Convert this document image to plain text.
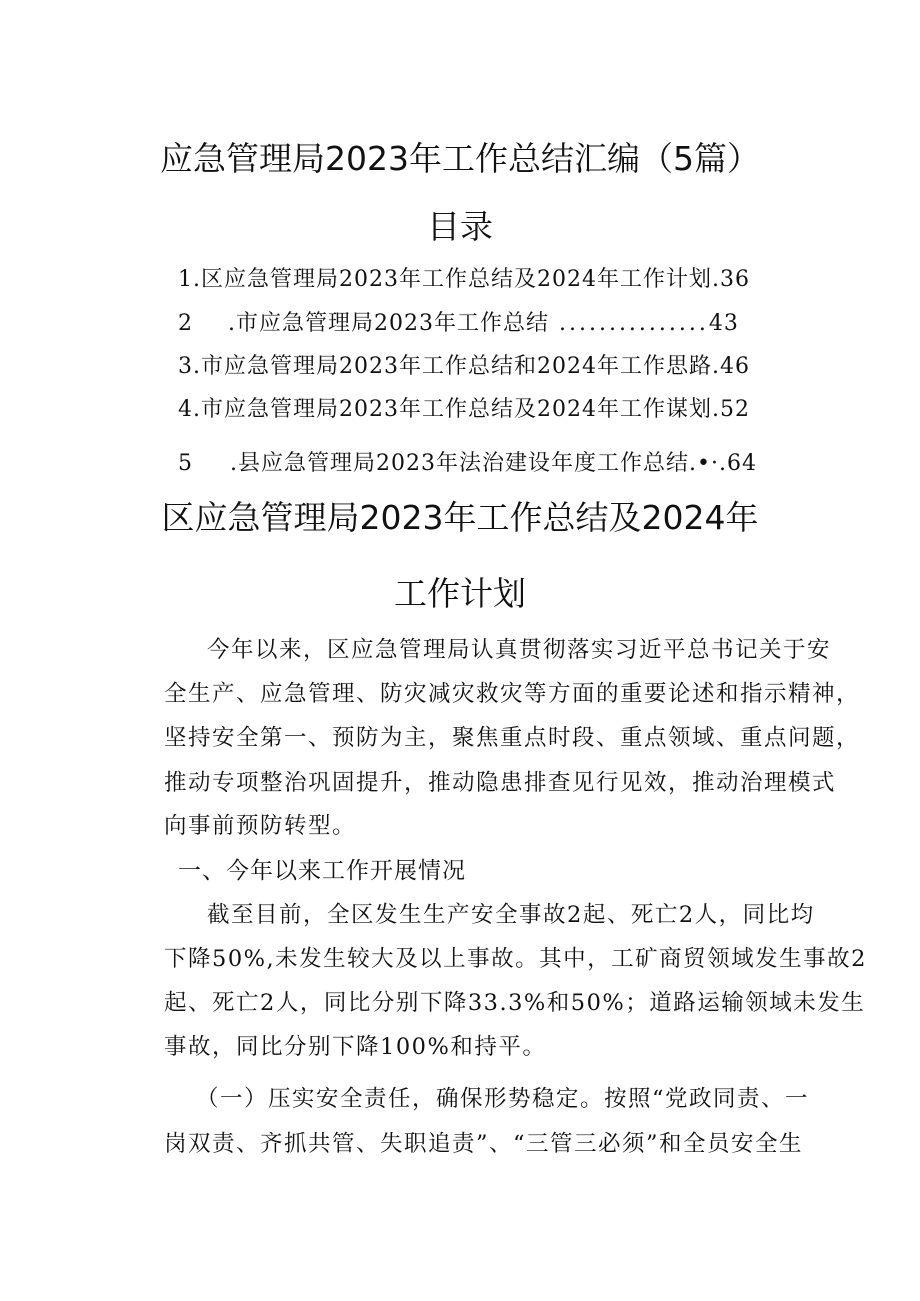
应急管理局2023年工作总结汇编（5篇）
目录
1.区应急管理局2023年工作总结及2024年工作计划.36
2 .市应急管理局2023年工作总结 ...............43
3.市应急管理局2023年工作总结和2024年工作思路.46
4.市应急管理局2023年工作总结及2024年工作谋划.52
5 .县应急管理局2023年法治建设年度工作总结.•·.64
区应急管理局2023年工作总结及2024年
工作计划
今年以来，区应急管理局认真贯彻落实习近平总书记关于安
全生产、应急管理、防灾减灾救灾等方面的重要论述和指示精神，
坚持安全第一、预防为主，聚焦重点时段、重点领域、重点问题，
推动专项整治巩固提升，推动隐患排查见行见效，推动治理模式
向事前预防转型。
一、今年以来工作开展情况
截至目前，全区发生生产安全事故2起、死亡2人，同比均
下降50%,未发生较大及以上事故。其中，工矿商贸领域发生事故2
起、死亡2人，同比分别下降33.3%和50%；道路运输领域未发生
事故，同比分别下降100%和持平。
（一）压实安全责任，确保形势稳定。按照“党政同责、一
岗双责、齐抓共管、失职追责”、“三管三必须”和全员安全生
